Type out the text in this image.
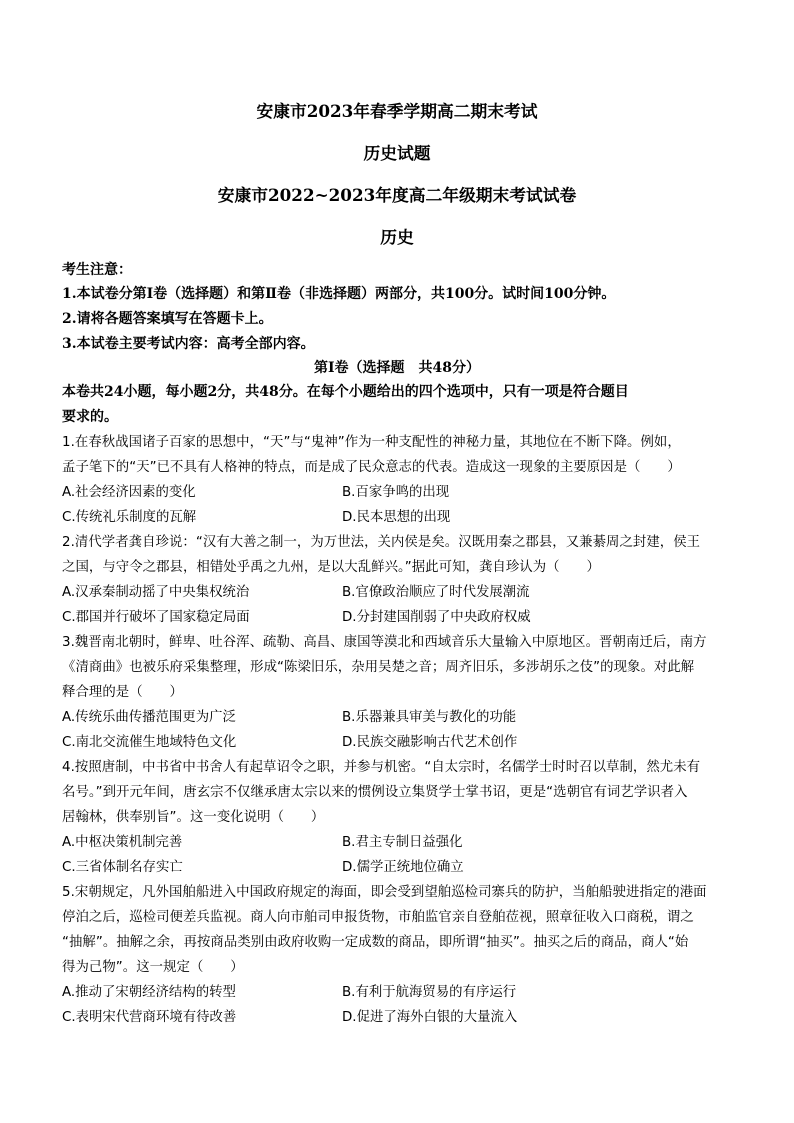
安康市2023年春季学期高二期末考试
历史试题
安康市2022~2023年度高二年级期末考试试卷
历史
考生注意：
1.本试卷分第Ⅰ卷（选择题）和第Ⅱ卷（非选择题）两部分，共100分。试时间100分钟。
2.请将各题答案填写在答题卡上。
3.本试卷主要考试内容：高考全部内容。
第Ⅰ卷（选择题　共48分）
本卷共24小题，每小题2分，共48分。在每个小题给出的四个选项中，只有一项是符合题目
要求的。
1.在春秋战国诸子百家的思想中，“天”与“鬼神”作为一种支配性的神秘力量，其地位在不断下降。例如，
孟子笔下的“天”已不具有人格神的特点，而是成了民众意志的代表。造成这一现象的主要原因是（　　）
A.社会经济因素的变化	B.百家争鸣的出现
C.传统礼乐制度的瓦解	D.民本思想的出现
2.清代学者龚自珍说：“汉有大善之制一，为万世法，关内侯是矣。汉既用秦之郡县，又兼綦周之封建，侯王
之国，与守令之郡县，相错处乎禹之九州，是以大乱鲜兴。”据此可知，龚自珍认为（　　）
A.汉承秦制动摇了中央集权统治	B.官僚政治顺应了时代发展潮流
C.郡国并行破坏了国家稳定局面	D.分封建国削弱了中央政府权威
3.魏晋南北朝时，鲜卑、吐谷浑、疏勒、高昌、康国等漠北和西域音乐大量输入中原地区。晋朝南迁后，南方
《清商曲》也被乐府采集整理，形成“陈梁旧乐，杂用吴楚之音；周齐旧乐，多涉胡乐之伎”的现象。对此解
释合理的是（　　）
A.传统乐曲传播范围更为广泛	B.乐器兼具审美与教化的功能
C.南北交流催生地域特色文化	D.民族交融影响古代艺术创作
4.按照唐制，中书省中书舍人有起草诏令之职，并参与机密。“自太宗时，名儒学士时时召以草制，然尤未有
名号。”到开元年间，唐玄宗不仅继承唐太宗以来的惯例设立集贤学士掌书诏，更是“选朝官有词艺学识者入
居翰林，供奉别旨”。这一变化说明（　　）
A.中枢决策机制完善	B.君主专制日益强化
C.三省体制名存实亡	D.儒学正统地位确立
5.宋朝规定，凡外国舶船进入中国政府规定的海面，即会受到望舶巡检司寨兵的防护，当舶船驶进指定的港面
停泊之后，巡检司便差兵监视。商人向市舶司申报货物，市舶监官亲自登舶莅视，照章征收入口商税，谓之
“抽解”。抽解之余，再按商品类别由政府收购一定成数的商品，即所谓“抽买”。抽买之后的商品，商人“始
得为己物”。这一规定（　　）
A.推动了宋朝经济结构的转型	B.有利于航海贸易的有序运行
C.表明宋代营商环境有待改善	D.促进了海外白银的大量流入
